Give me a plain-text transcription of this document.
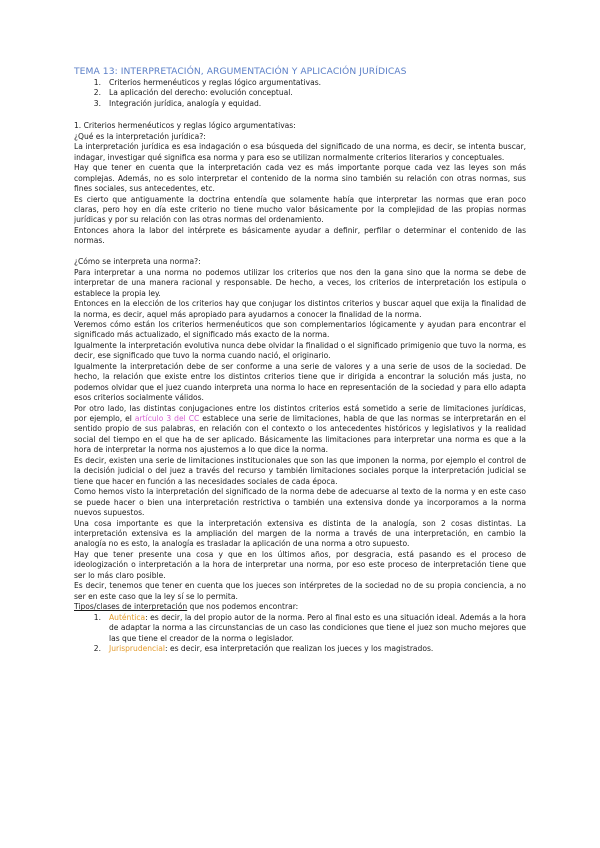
TEMA 13: INTERPRETACIÓN, ARGUMENTACIÓN Y APLICACIÓN JURÍDICAS
1.	Criterios hermenéuticos y reglas lógico argumentativas.
2.	La aplicación del derecho: evolución conceptual.
3.	Integración jurídica, analogía y equidad.
1. Criterios hermenéuticos y reglas lógico argumentativas:
¿Qué es la interpretación jurídica?:

La interpretación jurídica es esa indagación o esa búsqueda del significado de una norma, es decir, se intenta buscar, indagar, investigar qué significa esa norma y para eso se utilizan normalmente criterios literarios y conceptuales.

Hay que tener en cuenta que la interpretación cada vez es más importante porque cada vez las leyes son más complejas. Además, no es solo interpretar el contenido de la norma sino también su relación con otras normas, sus fines sociales, sus antecedentes, etc.

Es cierto que antiguamente la doctrina entendía que solamente había que interpretar las normas que eran poco claras, pero hoy en día este criterio no tiene mucho valor básicamente por la complejidad de las propias normas jurídicas y por su relación con las otras normas del ordenamiento.

Entonces ahora la labor del intérprete es básicamente ayudar a definir, perfilar o determinar el contenido de las normas.

¿Cómo se interpreta una norma?:

Para interpretar a una norma no podemos utilizar los criterios que nos den la gana sino que la norma se debe de interpretar de una manera racional y responsable. De hecho, a veces, los criterios de interpretación los estipula o establece la propia ley.

Entonces en la elección de los criterios hay que conjugar los distintos criterios y buscar aquel que exija la finalidad de la norma, es decir, aquel más apropiado para ayudarnos a conocer la finalidad de la norma.

Veremos cómo están los criterios hermenéuticos que son complementarios lógicamente y ayudan para encontrar el significado más actualizado, el significado más exacto de la norma.

Igualmente la interpretación evolutiva nunca debe olvidar la finalidad o el significado primigenio que tuvo la norma, es decir, ese significado que tuvo la norma cuando nació, el originario.

Igualmente la interpretación debe de ser conforme a una serie de valores y a una serie de usos de la sociedad. De hecho, la relación que existe entre los distintos criterios tiene que ir dirigida a encontrar la solución más justa, no podemos olvidar que el juez cuando interpreta una norma lo hace en representación de la sociedad y para ello adapta esos criterios socialmente válidos.

Por otro lado, las distintas conjugaciones entre los distintos criterios está sometido a serie de limitaciones jurídicas, por ejemplo, el artículo 3 del CC establece una serie de limitaciones, habla de que las normas se interpretarán en el sentido propio de sus palabras, en relación con el contexto o los antecedentes históricos y legislativos y la realidad social del tiempo en el que ha de ser aplicado. Básicamente las limitaciones para interpretar una norma es que a la hora de interpretar la norma nos ajustemos a lo que dice la norma.

Es decir, existen una serie de limitaciones institucionales que son las que imponen la norma, por ejemplo el control de la decisión judicial o del juez a través del recurso y también limitaciones sociales porque la interpretación judicial se tiene que hacer en función a las necesidades sociales de cada época.

Como hemos visto la interpretación del significado de la norma debe de adecuarse al texto de la norma y en este caso se puede hacer o bien una interpretación restrictiva o también una extensiva donde ya incorporamos a la norma nuevos supuestos.

Una cosa importante es que la interpretación extensiva es distinta de la analogía, son 2 cosas distintas. La interpretación extensiva es la ampliación del margen de la norma a través de una interpretación, en cambio la analogía no es esto, la analogía es trasladar la aplicación de una norma a otro supuesto.

Hay que tener presente una cosa y que en los últimos años, por desgracia, está pasando es el proceso de ideologización o interpretación a la hora de interpretar una norma, por eso este proceso de interpretación tiene que ser lo más claro posible.

Es decir, tenemos que tener en cuenta que los jueces son intérpretes de la sociedad no de su propia conciencia, a no ser en este caso que la ley sí se lo permita.

Tipos/clases de interpretación que nos podemos encontrar:

1.	Auténtica: es decir, la del propio autor de la norma. Pero al final esto es una situación ideal. Además a la hora de adaptar la norma a las circunstancias de un caso las condiciones que tiene el juez son mucho mejores que las que tiene el creador de la norma o legislador.
2.	Jurisprudencial: es decir, esa interpretación que realizan los jueces y los magistrados.
